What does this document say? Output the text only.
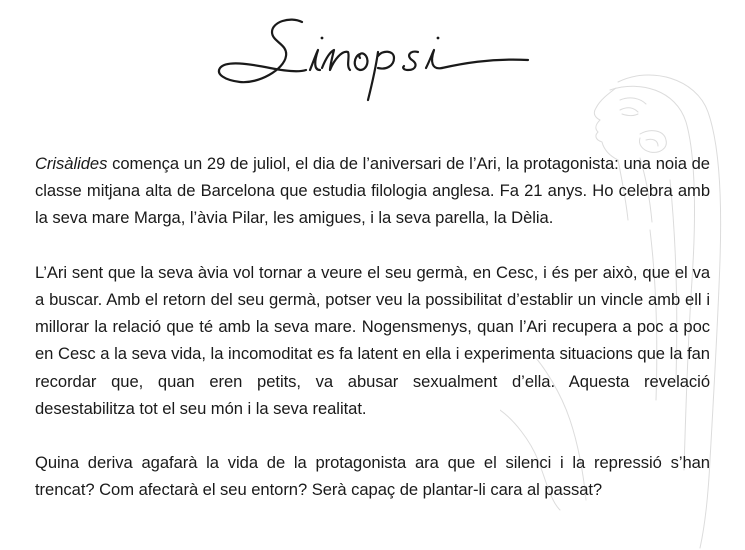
Crisàlides comença un 29 de juliol, el dia de l’aniversari de l’Ari, la protagonista: una noia de classe mitjana alta de Barcelona que estudia filologia anglesa. Fa 21 anys. Ho celebra amb la seva mare Marga, l’àvia Pilar, les amigues, i la seva parella, la Dèlia.

L’Ari sent que la seva àvia vol tornar a veure el seu germà, en Cesc, i és per això, que el va a buscar. Amb el retorn del seu germà, potser veu la possibilitat d’establir un vincle amb ell i millorar la relació que té amb la seva mare. Nogensmenys, quan l’Ari recupera a poc a poc en Cesc a la seva vida, la incomoditat es fa latent en ella i experimenta situacions que la fan recordar que, quan eren petits, va abusar sexualment d’ella. Aquesta revelació desestabilitza tot el seu món i la seva realitat.

Quina deriva agafarà la vida de la protagonista ara que el silenci i la repressió s’han trencat? Com afectarà el seu entorn? Serà capaç de plantar-li cara al passat?
